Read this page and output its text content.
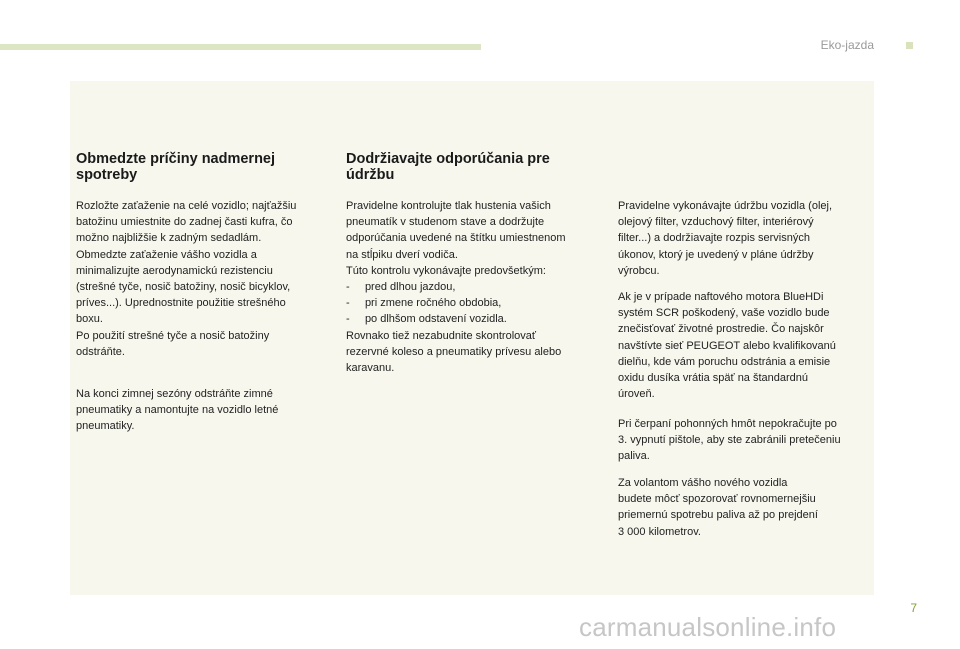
Eko-jazda
Obmedzte príčiny nadmernej
spotreby

Rozložte zaťaženie na celé vozidlo; najťažšiu
batožinu umiestnite do zadnej časti kufra, čo
možno najbližšie k zadným sedadlám.
Obmedzte zaťaženie vášho vozidla a
minimalizujte aerodynamickú rezistenciu
(strešné tyče, nosič batožiny, nosič bicyklov,
príves...). Uprednostnite použitie strešného
boxu.
Po použití strešné tyče a nosič batožiny
odstráňte.

Na konci zimnej sezóny odstráňte zimné
pneumatiky a namontujte na vozidlo letné
pneumatiky.

Dodržiavajte odporúčania pre
údržbu

Pravidelne kontrolujte tlak hustenia vašich
pneumatík v studenom stave a dodržujte
odporúčania uvedené na štítku umiestnenom
na stĺpiku dverí vodiča.
Túto kontrolu vykonávajte predovšetkým:
-     pred dlhou jazdou,
-     pri zmene ročného obdobia,
-     po dlhšom odstavení vozidla.
Rovnako tiež nezabudnite skontrolovať
rezervné koleso a pneumatiky prívesu alebo
karavanu.

Pravidelne vykonávajte údržbu vozidla (olej,
olejový filter, vzduchový filter, interiérový
filter...) a dodržiavajte rozpis servisných
úkonov, ktorý je uvedený v pláne údržby
výrobcu.

Ak je v prípade naftového motora BlueHDi
systém SCR poškodený, vaše vozidlo bude
znečisťovať životné prostredie. Čo najskôr
navštívte sieť PEUGEOT alebo kvalifikovanú
dielňu, kde vám poruchu odstránia a emisie
oxidu dusíka vrátia späť na štandardnú
úroveň.

Pri čerpaní pohonných hmôt nepokračujte po
3. vypnutí pištole, aby ste zabránili pretečeniu
paliva.

Za volantom vášho nového vozidla
budete môcť spozorovať rovnomernejšiu
priemernú spotrebu paliva až po prejdení
3 000 kilometrov.

7
carmanualsonline.info
